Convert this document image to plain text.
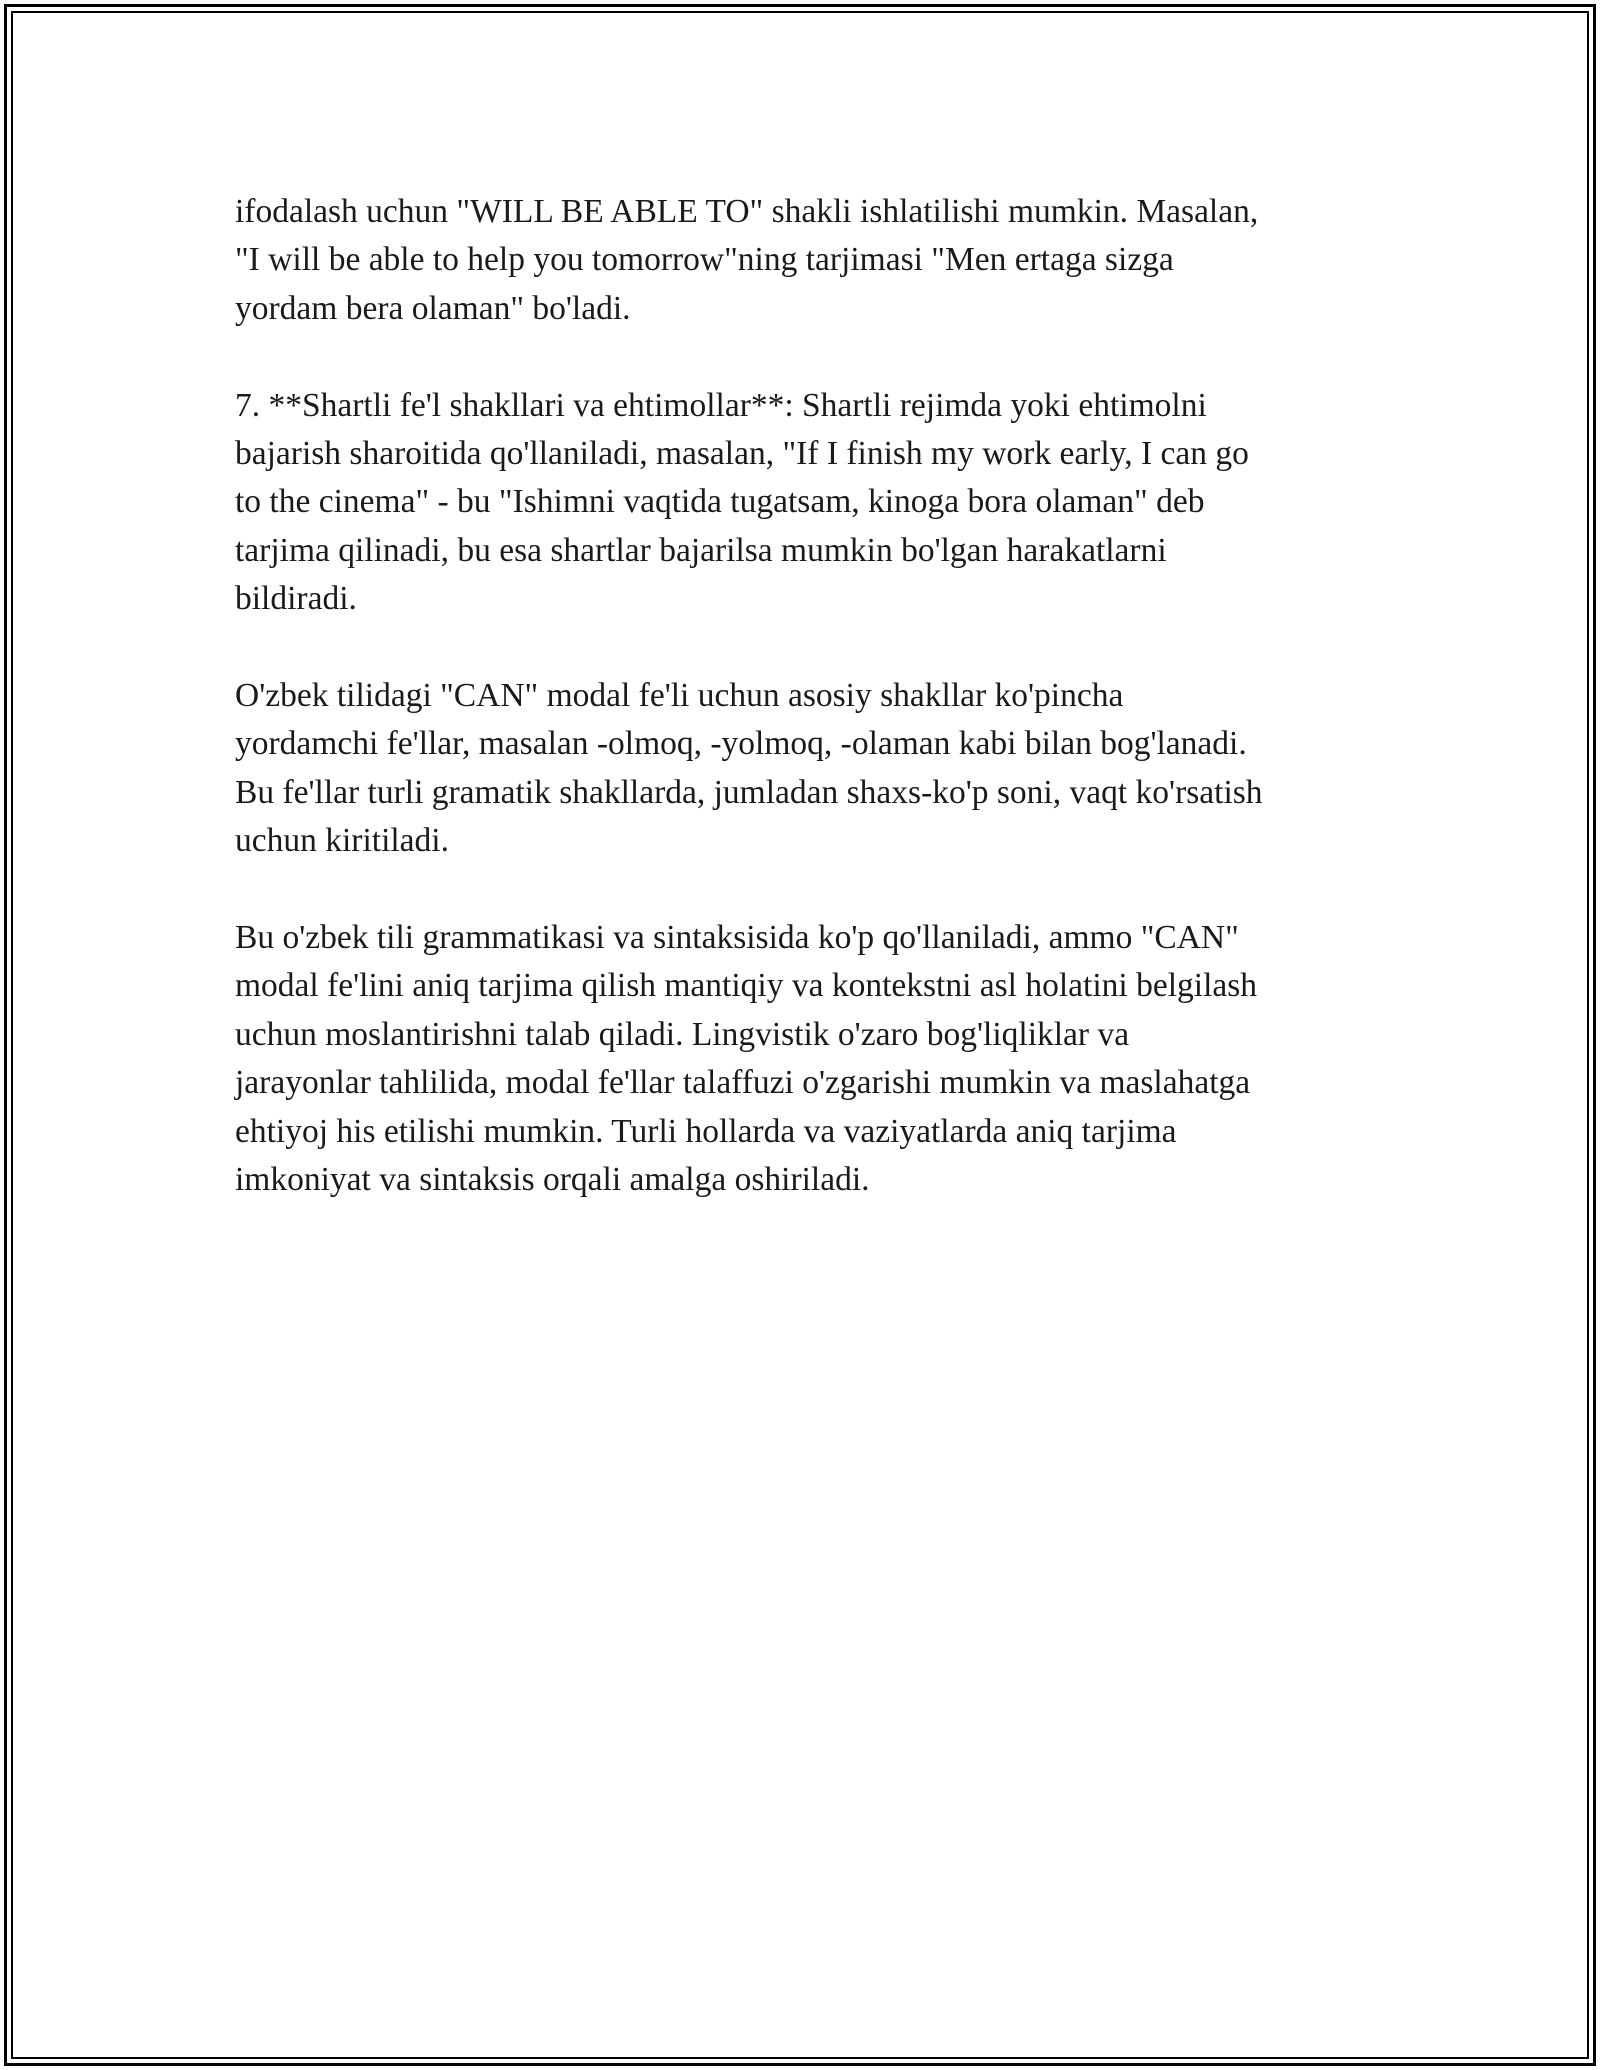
ifodalash uchun "WILL BE ABLE TO" shakli ishlatilishi mumkin. Masalan,
"I will be able to help you tomorrow"ning tarjimasi "Men ertaga sizga
yordam bera olaman" bo'ladi.

7. **Shartli fe'l shakllari va ehtimollar**: Shartli rejimda yoki ehtimolni
bajarish sharoitida qo'llaniladi, masalan, "If I finish my work early, I can go
to the cinema" - bu "Ishimni vaqtida tugatsam, kinoga bora olaman" deb
tarjima qilinadi, bu esa shartlar bajarilsa mumkin bo'lgan harakatlarni
bildiradi.

O'zbek tilidagi "CAN" modal fe'li uchun asosiy shakllar ko'pincha
yordamchi fe'llar, masalan -olmoq, -yolmoq, -olaman kabi bilan bog'lanadi.
Bu fe'llar turli gramatik shakllarda, jumladan shaxs-ko'p soni, vaqt ko'rsatish
uchun kiritiladi.

Bu o'zbek tili grammatikasi va sintaksisida ko'p qo'llaniladi, ammo "CAN"
modal fe'lini aniq tarjima qilish mantiqiy va kontekstni asl holatini belgilash
uchun moslantirishni talab qiladi. Lingvistik o'zaro bog'liqliklar va
jarayonlar tahlilida, modal fe'llar talaffuzi o'zgarishi mumkin va maslahatga
ehtiyoj his etilishi mumkin. Turli hollarda va vaziyatlarda aniq tarjima
imkoniyat va sintaksis orqali amalga oshiriladi.
